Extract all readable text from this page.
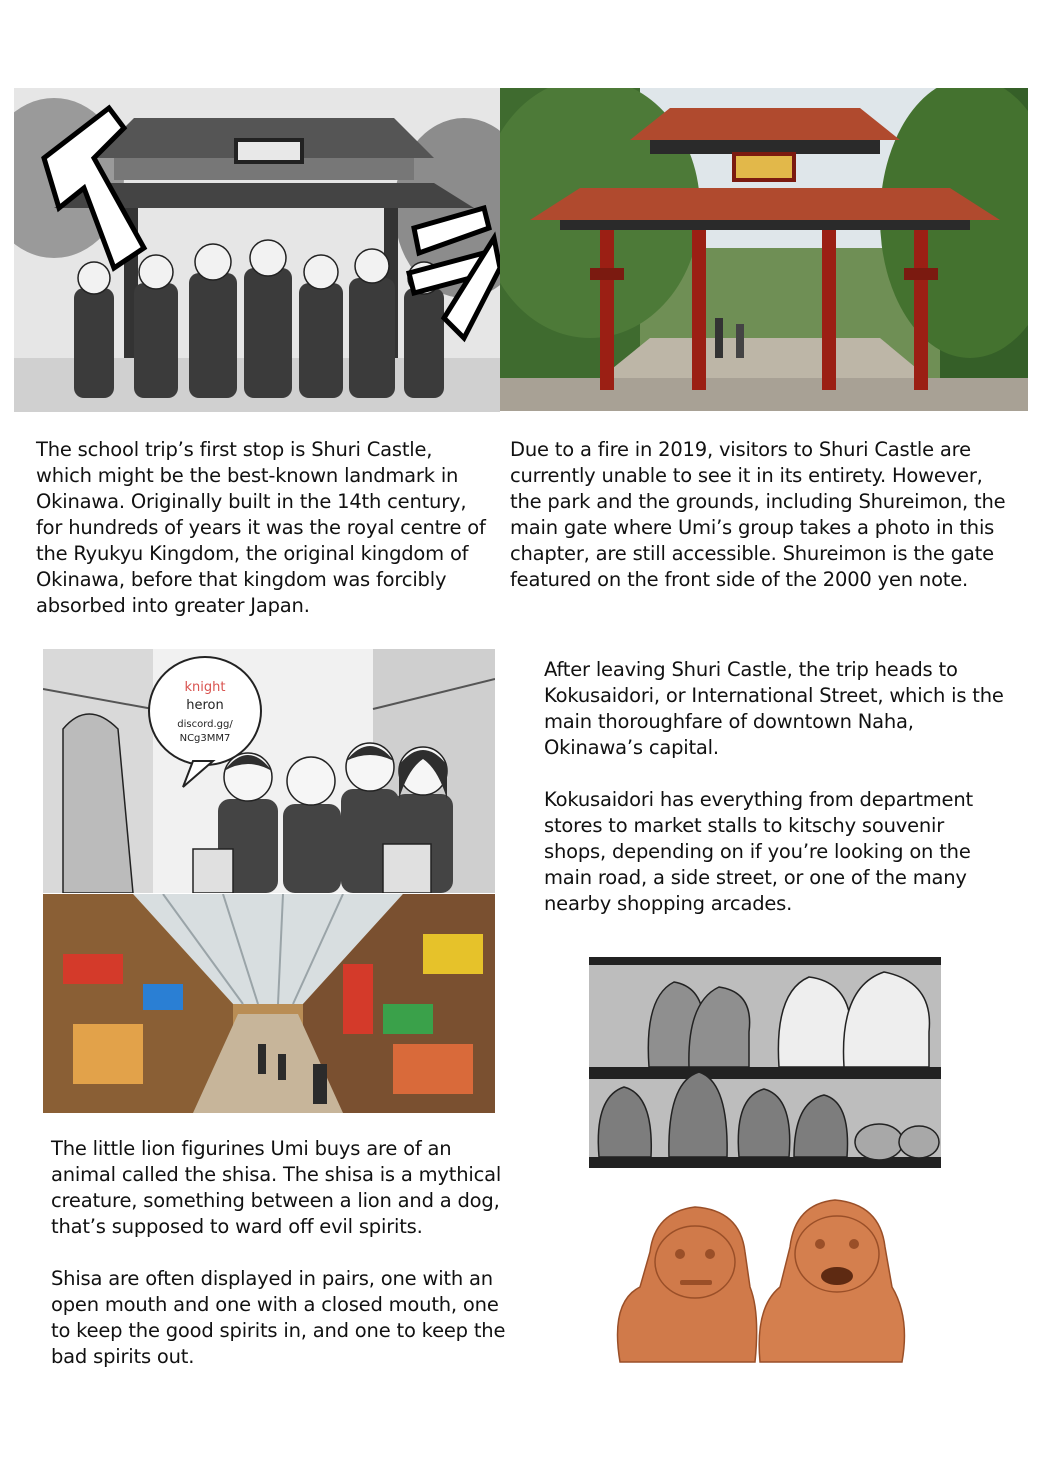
The school trip’s first stop is Shuri Castle, which might be the best-known landmark in Okinawa. Originally built in the 14th century, for hundreds of years it was the royal centre of the Ryukyu Kingdom, the original kingdom of Okinawa, before that kingdom was forcibly absorbed into greater Japan.

Due to a fire in 2019, visitors to Shuri Castle are currently unable to see it in its entirety. However, the park and the grounds, including Shureimon, the main gate where Umi’s group takes a photo in this chapter, are still accessible. Shureimon is the gate featured on the front side of the 2000 yen note.

knight
heron
discord.gg/
NCg3MM7

After leaving Shuri Castle, the trip heads to Kokusaidori, or International Street, which is the main thoroughfare of downtown Naha, Okinawa’s capital.

Kokusaidori has everything from department stores to market stalls to kitschy souvenir shops, depending on if you’re looking on the main road, a side street, or one of the many nearby shopping arcades.

The little lion figurines Umi buys are of an animal called the shisa. The shisa is a mythical creature, something between a lion and a dog, that’s supposed to ward off evil spirits.

Shisa are often displayed in pairs, one with an open mouth and one with a closed mouth, one to keep the good spirits in, and one to keep the bad spirits out.
